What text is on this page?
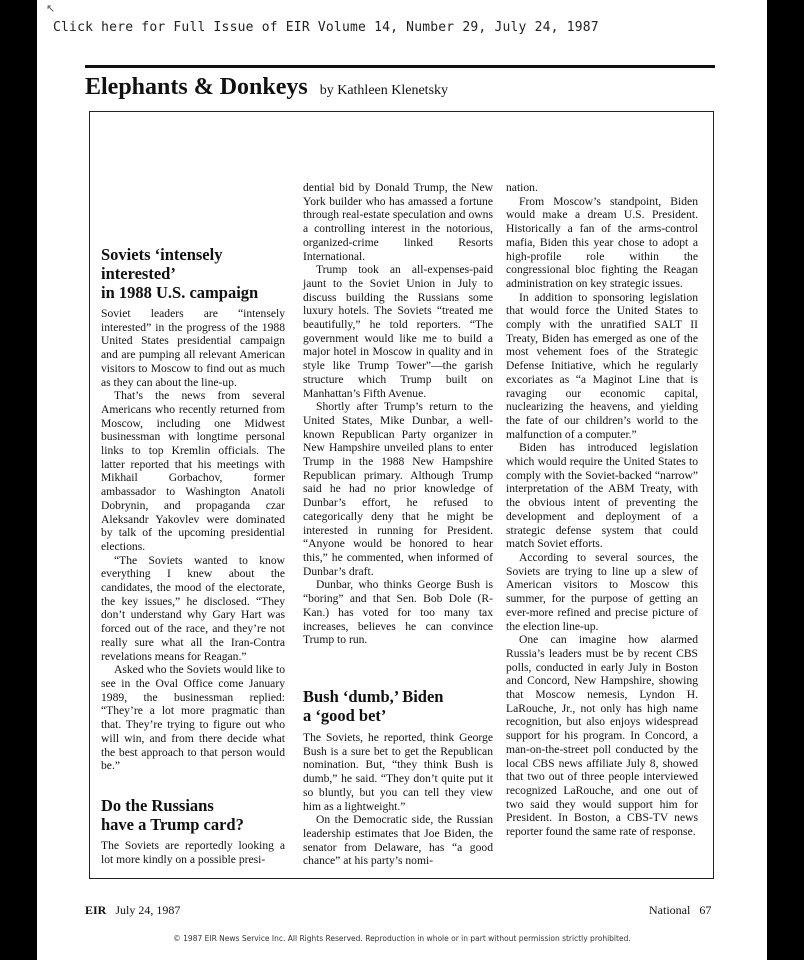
↖
Click here for Full Issue of EIR Volume 14, Number 29, July 24, 1987
Elephants & Donkeys by Kathleen Klenetsky
Soviets ‘intensely
interested’
in 1988 U.S. campaign

Soviet leaders are “intensely interested” in the progress of the 1988 United States presidential campaign and are pumping all relevant American visitors to Moscow to find out as much as they can about the line-up.

That’s the news from several Americans who recently returned from Moscow, including one Midwest businessman with longtime personal links to top Kremlin officials. The latter reported that his meetings with Mikhail Gorbachov, former ambassador to Washington Anatoli Dobrynin, and propaganda czar Aleksandr Yakovlev were dominated by talk of the upcoming presidential elections.

“The Soviets wanted to know everything I knew about the candidates, the mood of the electorate, the key issues,” he disclosed. “They don’t understand why Gary Hart was forced out of the race, and they’re not really sure what all the Iran-Contra revelations means for Reagan.”

Asked who the Soviets would like to see in the Oval Office come January 1989, the businessman replied: “They’re a lot more pragmatic than that. They’re trying to figure out who will win, and from there decide what the best approach to that person would be.”

Do the Russians
have a Trump card?

The Soviets are reportedly looking a lot more kindly on a possible presi-

dential bid by Donald Trump, the New York builder who has amassed a fortune through real-estate speculation and owns a controlling interest in the notorious, organized-crime linked Resorts International.

Trump took an all-expenses-paid jaunt to the Soviet Union in July to discuss building the Russians some luxury hotels. The Soviets “treated me beautifully,” he told reporters. “The government would like me to build a major hotel in Moscow in quality and in style like Trump Tower”—the garish structure which Trump built on Manhattan’s Fifth Avenue.

Shortly after Trump’s return to the United States, Mike Dunbar, a well-known Republican Party organizer in New Hampshire unveiled plans to enter Trump in the 1988 New Hampshire Republican primary. Although Trump said he had no prior knowledge of Dunbar’s effort, he refused to categorically deny that he might be interested in running for President. “Anyone would be honored to hear this,” he commented, when informed of Dunbar’s draft.

Dunbar, who thinks George Bush is “boring” and that Sen. Bob Dole (R-Kan.) has voted for too many tax increases, believes he can convince Trump to run.

Bush ‘dumb,’ Biden
a ‘good bet’

The Soviets, he reported, think George Bush is a sure bet to get the Republican nomination. But, “they think Bush is dumb,” he said. “They don’t quite put it so bluntly, but you can tell they view him as a lightweight.”

On the Democratic side, the Russian leadership estimates that Joe Biden, the senator from Delaware, has “a good chance” at his party’s nomi-

nation.

From Moscow’s standpoint, Biden would make a dream U.S. President. Historically a fan of the arms-control mafia, Biden this year chose to adopt a high-profile role within the congressional bloc fighting the Reagan administration on key strategic issues.

In addition to sponsoring legislation that would force the United States to comply with the unratified SALT II Treaty, Biden has emerged as one of the most vehement foes of the Strategic Defense Initiative, which he regularly excoriates as “a Maginot Line that is ravaging our economic capital, nuclearizing the heavens, and yielding the fate of our children’s world to the malfunction of a computer.”

Biden has introduced legislation which would require the United States to comply with the Soviet-backed “narrow” interpretation of the ABM Treaty, with the obvious intent of preventing the development and deployment of a strategic defense system that could match Soviet efforts.

According to several sources, the Soviets are trying to line up a slew of American visitors to Moscow this summer, for the purpose of getting an ever-more refined and precise picture of the election line-up.

One can imagine how alarmed Russia’s leaders must be by recent CBS polls, conducted in early July in Boston and Concord, New Hampshire, showing that Moscow nemesis, Lyndon H. LaRouche, Jr., not only has high name recognition, but also enjoys widespread support for his program. In Concord, a man-on-the-street poll conducted by the local CBS news affiliate July 8, showed that two out of three people interviewed recognized LaRouche, and one out of two said they would support him for President. In Boston, a CBS-TV news reporter found the same rate of response.

EIR July 24, 1987	National 67
© 1987 EIR News Service Inc. All Rights Reserved. Reproduction in whole or in part without permission strictly prohibited.
